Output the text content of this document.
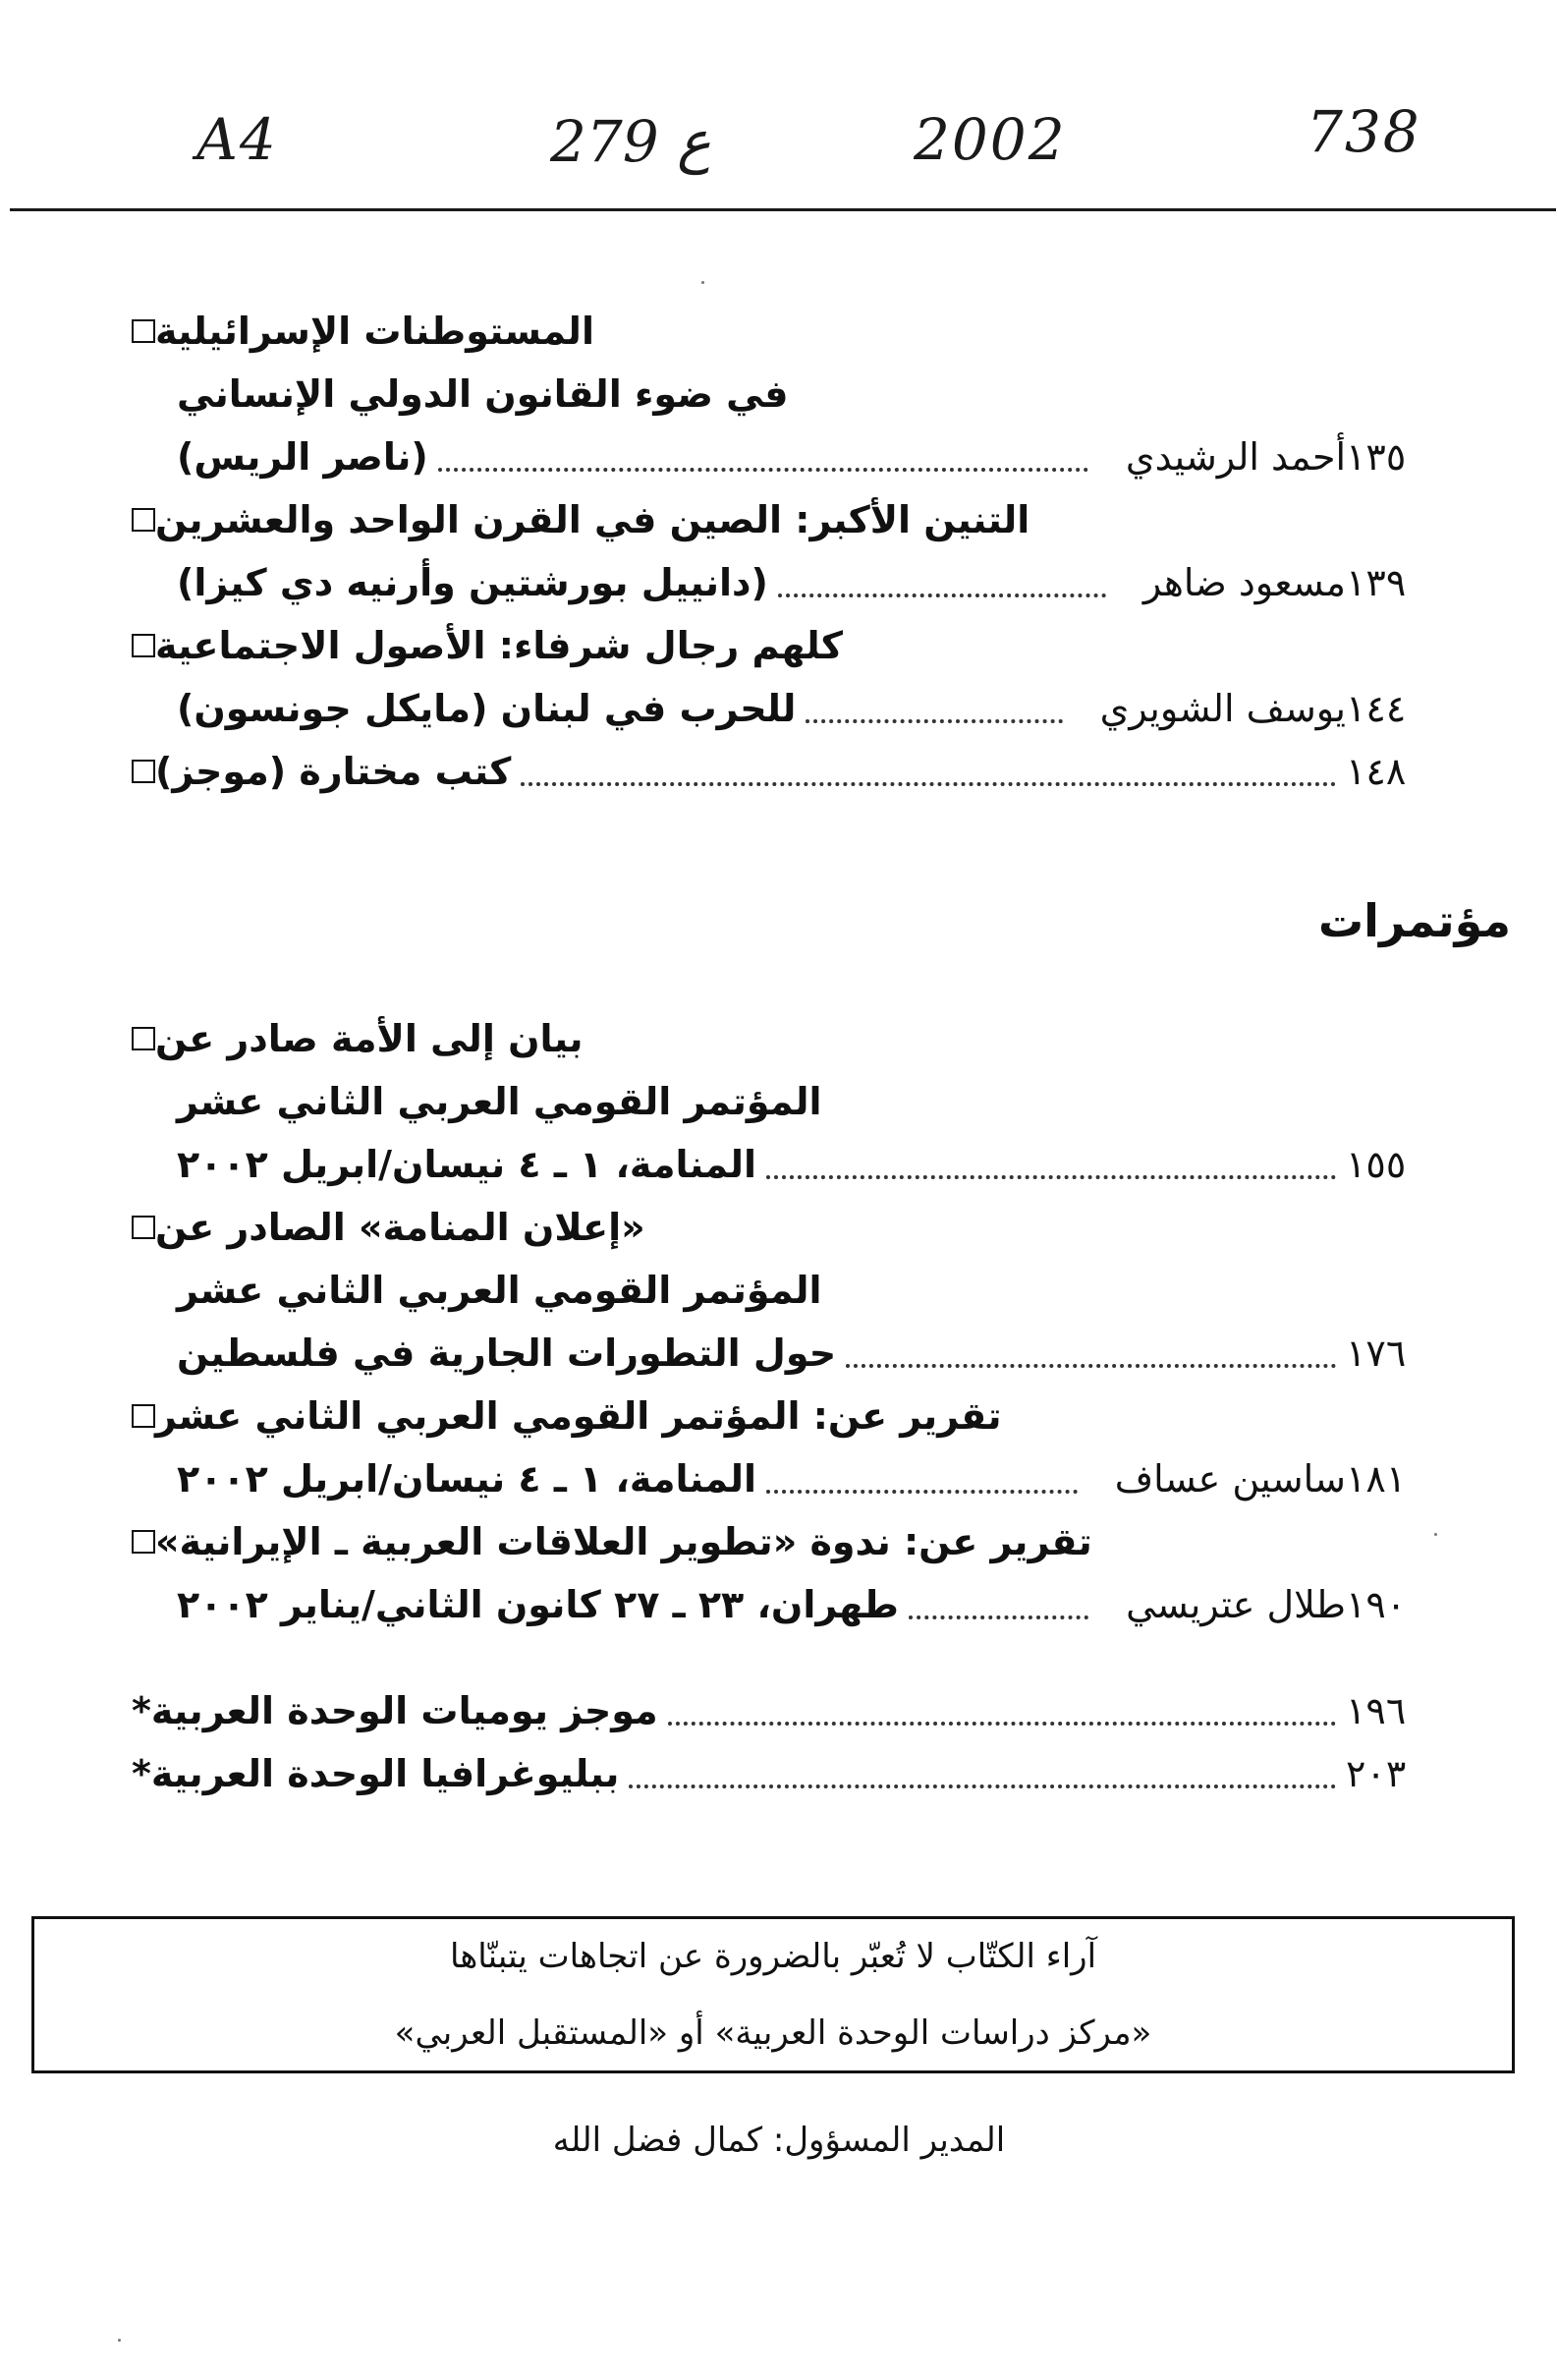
A4	279 ع	2002	738
المستوطنات الإسرائيلية
في ضوء القانون الدولي الإنساني
(ناصر الريس)	أحمد الرشيدي ١٣٥
التنين الأكبر: الصين في القرن الواحد والعشرين
(دانييل بورشتين وأرنيه دي كيزا)	مسعود ضاهر ١٣٩
كلهم رجال شرفاء: الأصول الاجتماعية
للحرب في لبنان (مايكل جونسون)	يوسف الشويري ١٤٤
كتب مختارة (موجز)	١٤٨
مؤتمرات
بيان إلى الأمة صادر عن
المؤتمر القومي العربي الثاني عشر
المنامة، ١ ـ ٤ نيسان/ابريل ٢٠٠٢	١٥٥
«إعلان المنامة» الصادر عن
المؤتمر القومي العربي الثاني عشر
حول التطورات الجارية في فلسطين	١٧٦
تقرير عن: المؤتمر القومي العربي الثاني عشر
المنامة، ١ ـ ٤ نيسان/ابريل ٢٠٠٢	ساسين عساف ١٨١
تقرير عن: ندوة «تطوير العلاقات العربية ـ الإيرانية»
طهران، ٢٣ ـ ٢٧ كانون الثاني/يناير ٢٠٠٢	طلال عتريسي ١٩٠
* موجز يوميات الوحدة العربية	١٩٦
* ببليوغرافيا الوحدة العربية	٢٠٣
آراء الكتّاب لا تُعبّر بالضرورة عن اتجاهات يتبنّاها
«مركز دراسات الوحدة العربية» أو «المستقبل العربي»
المدير المسؤول: كمال فضل الله
